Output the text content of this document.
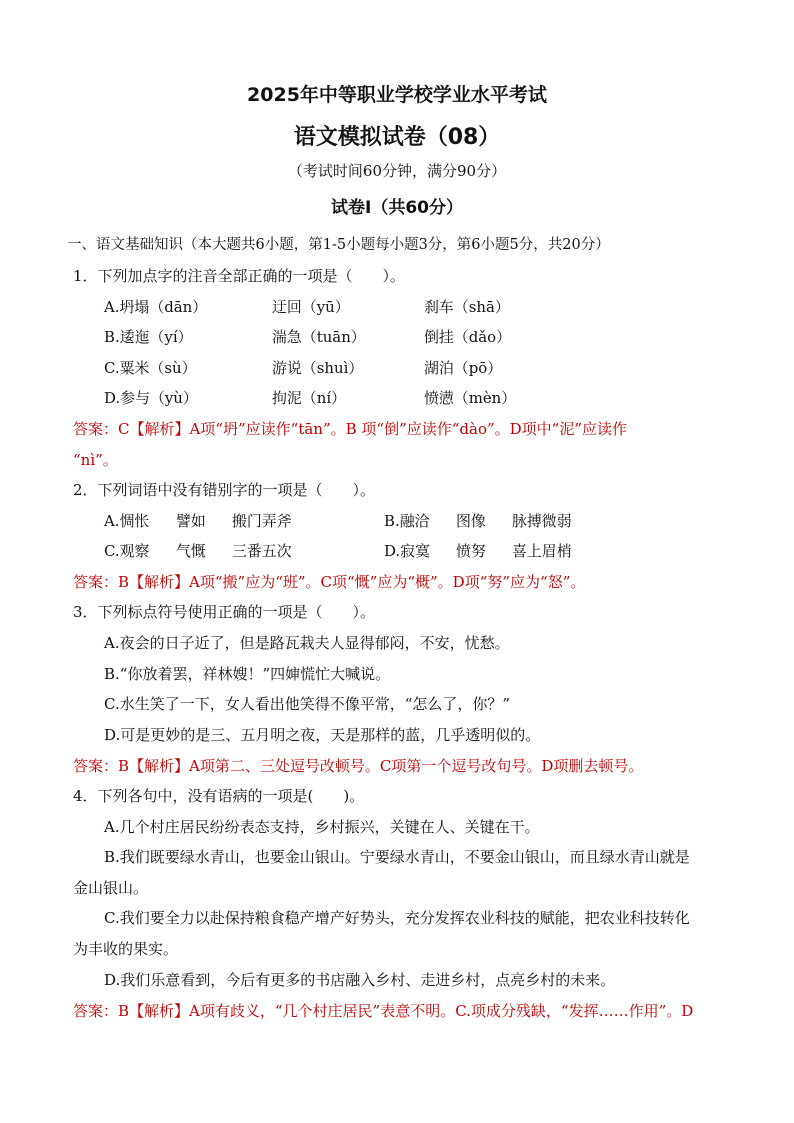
2025年中等职业学校学业水平考试
语文模拟试卷（08）
（考试时间60分钟，满分90分）
试卷Ⅰ（共60分）
一、语文基础知识（本大题共6小题，第1-5小题每小题3分，第6小题5分，共20分）
1．下列加点字的注音全部正确的一项是（　　）。
A.坍塌（dān）	迂回（yū）	刹车（shā）
B.逶迤（yí）	湍急（tuān）	倒挂（dǎo）
C.粟米（sù）	游说（shuì）	湖泊（pō）
D.参与（yù）	拘泥（ní）	愤懑（mèn）
答案：C【解析】A项“坍”应读作“tān”。B 项“倒”应读作“dào”。D项中“泥”应读作
“nì”。
2．下列词语中没有错别字的一项是（　　）。
A.惆怅 譬如 搬门弄斧	B.融洽 图像 脉搏微弱
C.观察 气慨 三番五次	D.寂寞 愤努 喜上眉梢
答案：B【解析】A项“搬”应为“班”。C项“慨”应为“概”。D项“努”应为“怒”。
3．下列标点符号使用正确的一项是（　　）。
A.夜会的日子近了，但是路瓦栽夫人显得郁闷，不安，忧愁。
B.“你放着罢，祥林嫂！”四婶慌忙大喊说。
C.水生笑了一下，女人看出他笑得不像平常，“怎么了，你？”
D.可是更妙的是三、五月明之夜，天是那样的蓝，几乎透明似的。
答案：B【解析】A项第二、三处逗号改顿号。C项第一个逗号改句号。D项删去顿号。
4．下列各句中，没有语病的一项是(　　)。
A.几个村庄居民纷纷表态支持，乡村振兴，关键在人、关键在干。
B.我们既要绿水青山，也要金山银山。宁要绿水青山，不要金山银山，而且绿水青山就是
金山银山。
C.我们要全力以赴保持粮食稳产增产好势头，充分发挥农业科技的赋能，把农业科技转化
为丰收的果实。
D.我们乐意看到，今后有更多的书店融入乡村、走进乡村，点亮乡村的未来。
答案：B【解析】A项有歧义，“几个村庄居民”表意不明。C.项成分残缺，“发挥……作用”。D
